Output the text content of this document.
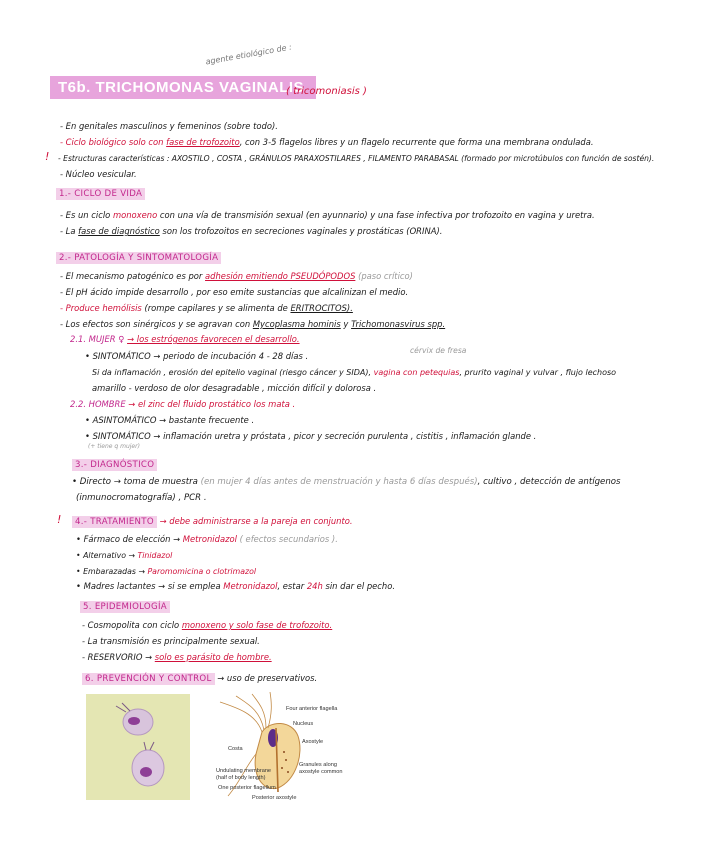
agente etiológico de :
T6b. TRICHOMONAS VAGINALIS
( tricomoniasis )
- En genitales masculinos y femeninos (sobre todo).
- Ciclo biológico solo con fase de trofozoito, con 3-5 flagelos libres y un flagelo recurrente que forma una membrana ondulada.
! - Estructuras características : AXOSTILO , COSTA , GRÁNULOS PARAXOSTILARES , FILAMENTO PARABASAL (formado por microtúbulos con función de sostén).
- Núcleo vesicular.
1.- CICLO DE VIDA
- Es un ciclo monoxeno con una vía de transmisión sexual (en ayunnario) y una fase infectiva por trofozoito en vagina y uretra.
- La fase de diagnóstico son los trofozoitos en secreciones vaginales y prostáticas (ORINA).
2.- PATOLOGÍA Y SINTOMATOLOGÍA
- El mecanismo patogénico es por adhesión emitiendo PSEUDÓPODOS (paso crítico)
- El pH ácido impide desarrollo , por eso emite sustancias que alcalinizan el medio.
- Produce hemólisis (rompe capilares y se alimenta de ERITROCITOS).
- Los efectos son sinérgicos y se agravan con Mycoplasma hominis y Trichomonasvirus spp.
2.1. MUJER ♀ → los estrógenos favorecen el desarrollo.
cérvix de fresa
• SINTOMÁTICO → periodo de incubación 4 - 28 días .
Si da inflamación , erosión del epitelio vaginal (riesgo cáncer y SIDA), vagina con petequias, prurito vaginal y vulvar , flujo lechoso
amarillo - verdoso de olor desagradable , micción difícil y dolorosa .
2.2. HOMBRE → el zinc del fluido prostático los mata .
• ASINTOMÁTICO → bastante frecuente .
• SINTOMÁTICO → inflamación uretra y próstata , picor y secreción purulenta , cistitis , inflamación glande .
(+ tiene q mujer)
3.- DIAGNÓSTICO
• Directo → toma de muestra (en mujer 4 días antes de menstruación y hasta 6 días después), cultivo , detección de antígenos
(inmunocromatografía) , PCR .
!	4.- TRATAMIENTO → debe administrarse a la pareja en conjunto.
• Fármaco de elección → Metronidazol ( efectos secundarios ).
• Alternativo → Tinidazol
• Embarazadas → Paromomicina o clotrimazol
• Madres lactantes → si se emplea Metronidazol, estar 24h sin dar el pecho.
5. EPIDEMIOLOGÍA
- Cosmopolita con ciclo monoxeno y solo fase de trofozoito.
- La transmisión es principalmente sexual.
- RESERVORIO → solo es parásito de hombre.
6. PREVENCIÓN Y CONTROL → uso de preservativos.
Four anterior flagella
Nucleus
Axostyle
Costa
Granules along
axostyle common
Undulating membrane
(half of body length)
One posterior flagellum
Posterior axostyle
